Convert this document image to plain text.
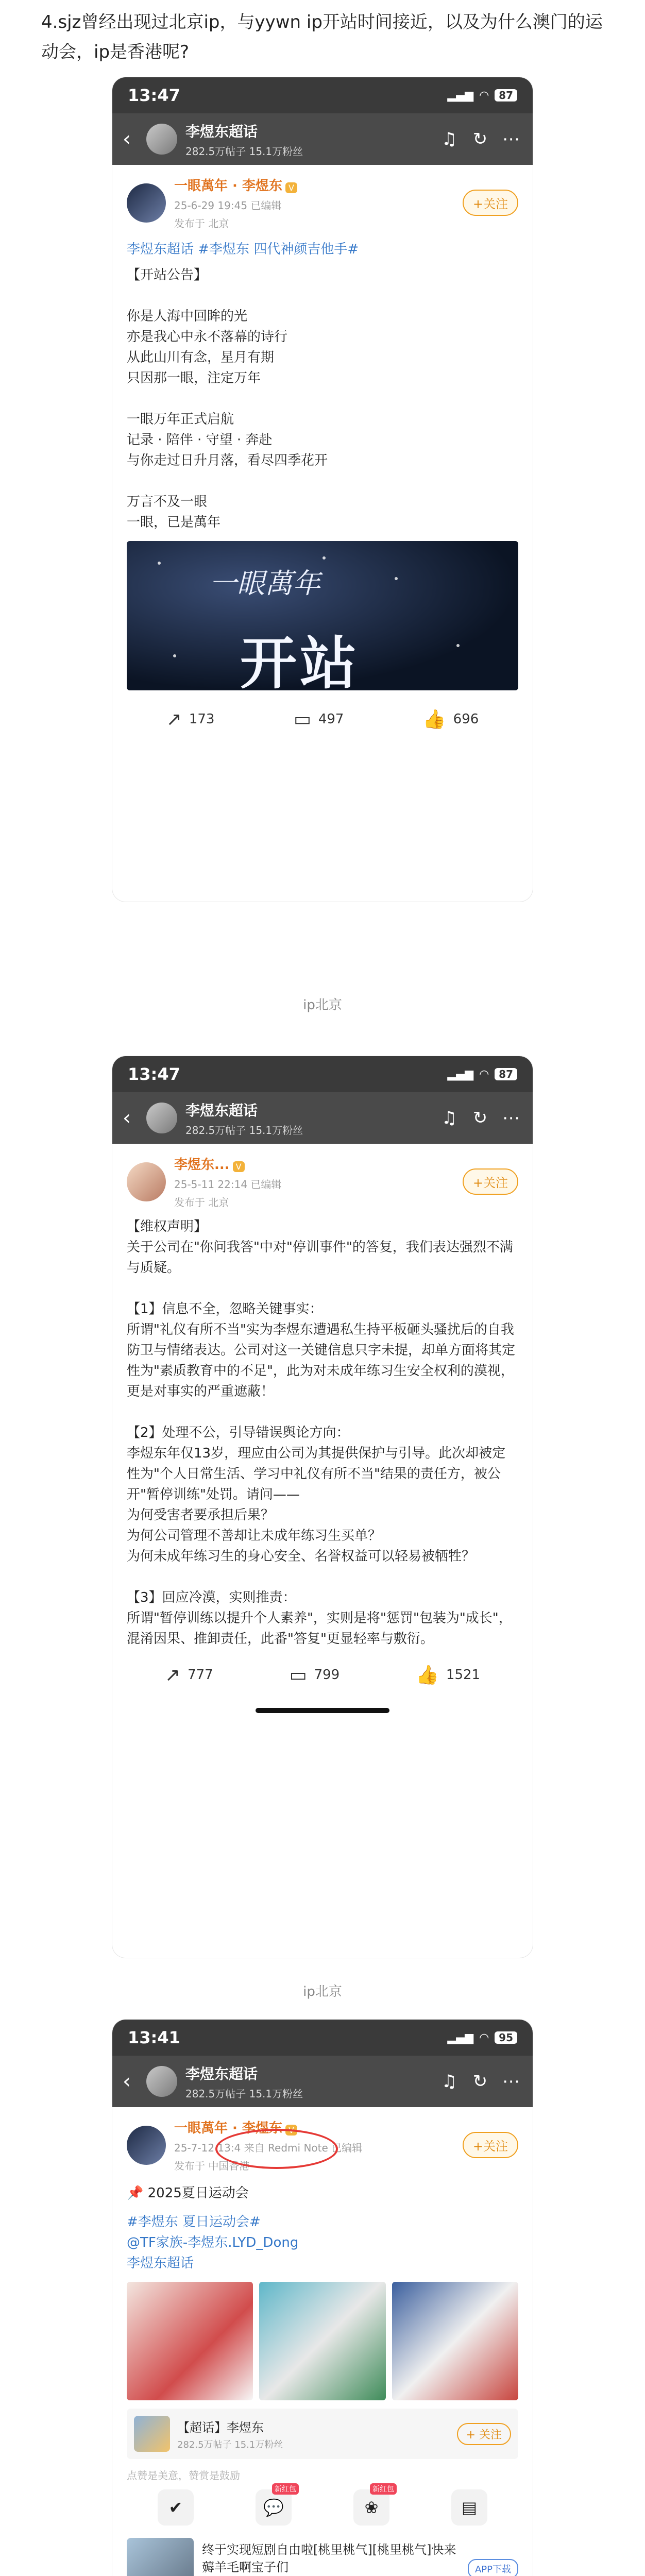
4.sjz曾经出现过北京ip，与yywn ip开站时间接近，以及为什么澳门的运动会，ip是香港呢?
13:47	▂▄▆ ◠	87
‹	李煜东超话
282.5万帖子 15.1万粉丝
♫ ↻ ⋯
一眼萬年 · 李煜东 V
25-6-29 19:45 已编辑
发布于 北京
+关注
李煜东超话 #李煜东 四代神颜吉他手#
【开站公告】

你是人海中回眸的光
亦是我心中永不落幕的诗行
从此山川有念，星月有期
只因那一眼，注定万年

一眼万年正式启航
记录 · 陪伴 · 守望 · 奔赴
与你走过日升月落，看尽四季花开

万言不及一眼
一眼，已是萬年
一眼萬年
开站
↗ 173	▭ 497	👍 696
ip北京
13:47	▂▄▆ ◠	87
‹	李煜东超话
282.5万帖子 15.1万粉丝
♫ ↻ ⋯
李煜东... V
25-5-11 22:14 已编辑
发布于 北京
+关注
【维权声明】
关于公司在"你问我答"中对"停训事件"的答复，我们表达强烈不满与质疑。

【1】信息不全，忽略关键事实：
所谓"礼仪有所不当"实为李煜东遭遇私生持平板砸头骚扰后的自我防卫与情绪表达。公司对这一关键信息只字未提，却单方面将其定性为"素质教育中的不足"，此为对未成年练习生安全权利的漠视，更是对事实的严重遮蔽！

【2】处理不公，引导错误舆论方向：
李煜东年仅13岁，理应由公司为其提供保护与引导。此次却被定性为"个人日常生活、学习中礼仪有所不当"结果的责任方，被公开"暂停训练"处罚。请问——
为何受害者要承担后果？
为何公司管理不善却让未成年练习生买单？
为何未成年练习生的身心安全、名誉权益可以轻易被牺牲？

【3】回应冷漠，实则推责：
所谓"暂停训练以提升个人素养"，实则是将"惩罚"包装为"成长"，混淆因果、推卸责任，此番"答复"更显轻率与敷衍。
↗ 777	▭ 799	👍 1521
ip北京
13:41	▂▄▆ ◠	95
‹	李煜东超话
282.5万帖子 15.1万粉丝
♫ ↻ ⋯
一眼萬年 · 李煜东 V
25-7-12 13:4 来自 Redmi Note 已编辑
发布于 中国香港
+关注
📌 2025夏日运动会
#李煜东 夏日运动会#
@TF家族-李煜东.LYD_Dong
李煜东超话
【超话】李煜东
282.5万帖子 15.1万粉丝
+ 关注
点赞是美意，赞赏是鼓励
✔	💬
新红包
❀
新红包
▤
终于实现短剧自由啦[桃里桃气][桃里桃气]快来薅羊毛啊宝子们	APP下载
